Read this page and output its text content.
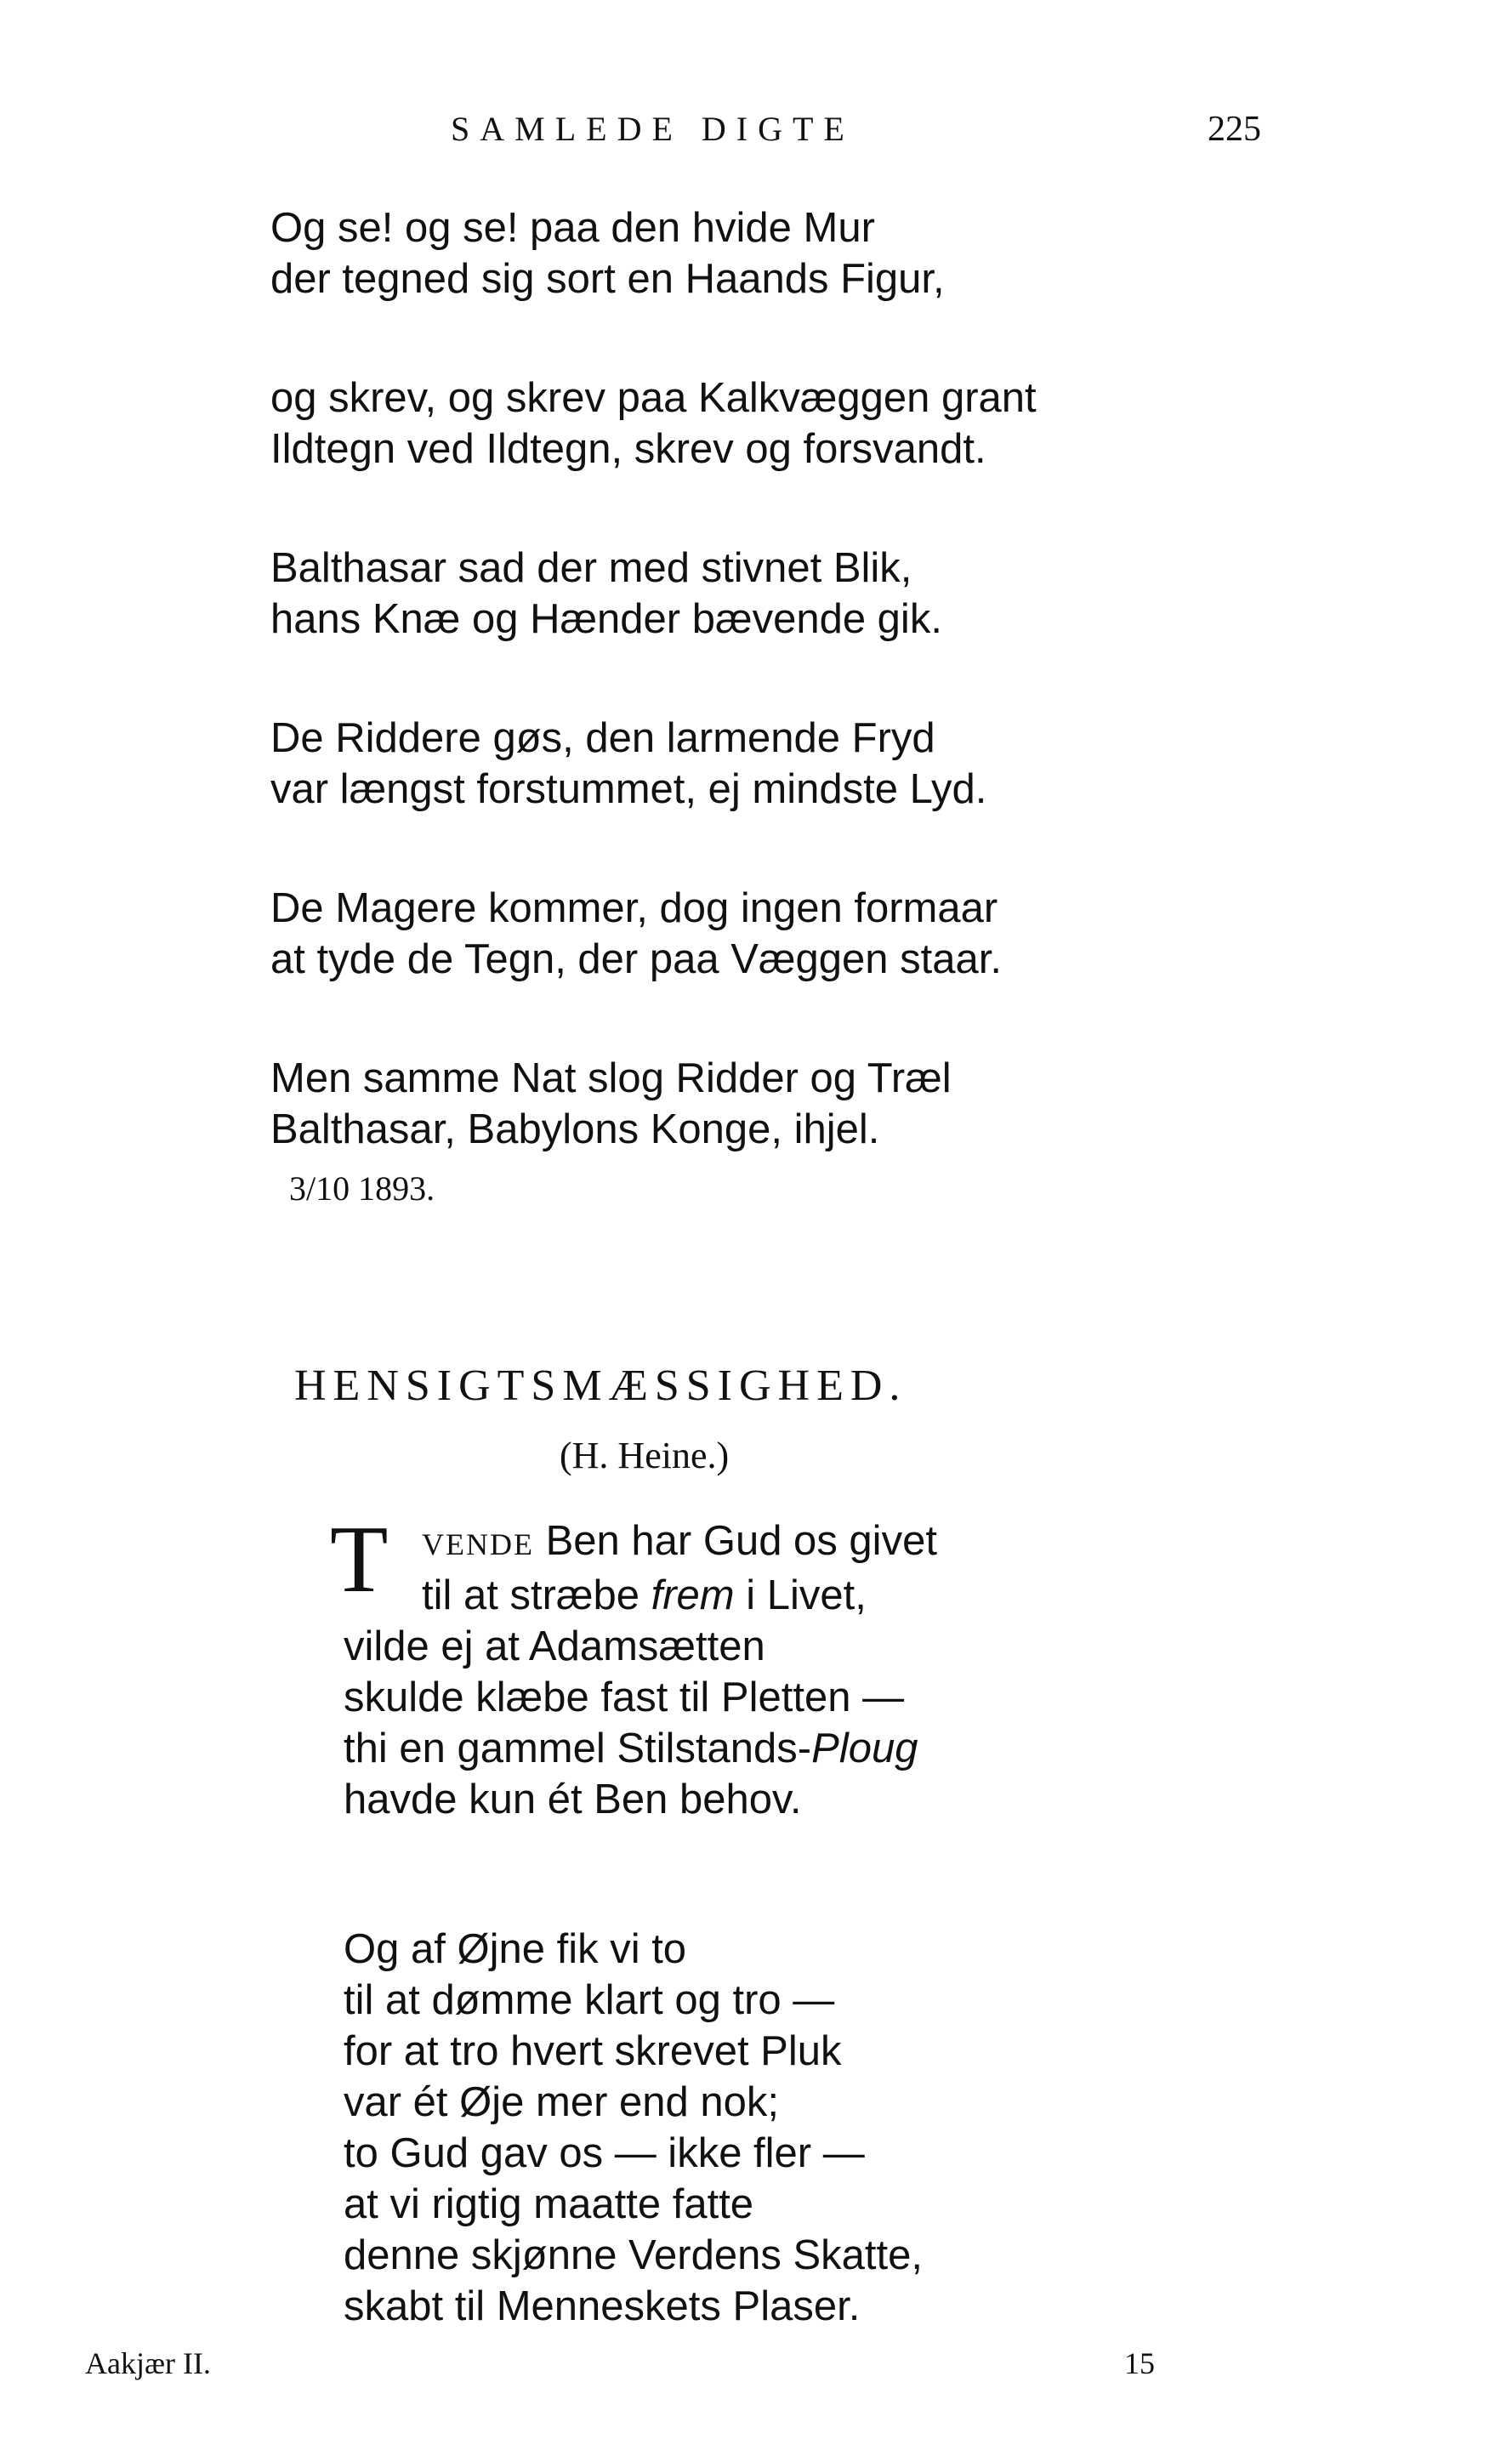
SAMLEDE DIGTE	225
Og se! og se! paa den hvide Mur
der tegned sig sort en Haands Figur,
og skrev, og skrev paa Kalkvæggen grant
Ildtegn ved Ildtegn, skrev og forsvandt.
Balthasar sad der med stivnet Blik,
hans Knæ og Hænder bævende gik.
De Riddere gøs, den larmende Fryd
var længst forstummet, ej mindste Lyd.
De Magere kommer, dog ingen formaar
at tyde de Tegn, der paa Væggen staar.
Men samme Nat slog Ridder og Træl
Balthasar, Babylons Konge, ihjel.
3/10 1893.
HENSIGTSMÆSSIGHED.
(H. Heine.)
T VENDE Ben har Gud os givet
til at stræbe frem i Livet,
vilde ej at Adamsætten
skulde klæbe fast til Pletten —
thi en gammel Stilstands-Ploug
havde kun ét Ben behov.
Og af Øjne fik vi to
til at dømme klart og tro —
for at tro hvert skrevet Pluk
var ét Øje mer end nok;
to Gud gav os — ikke fler —
at vi rigtig maatte fatte
denne skjønne Verdens Skatte,
skabt til Menneskets Plaser.
Aakjær II.	15
